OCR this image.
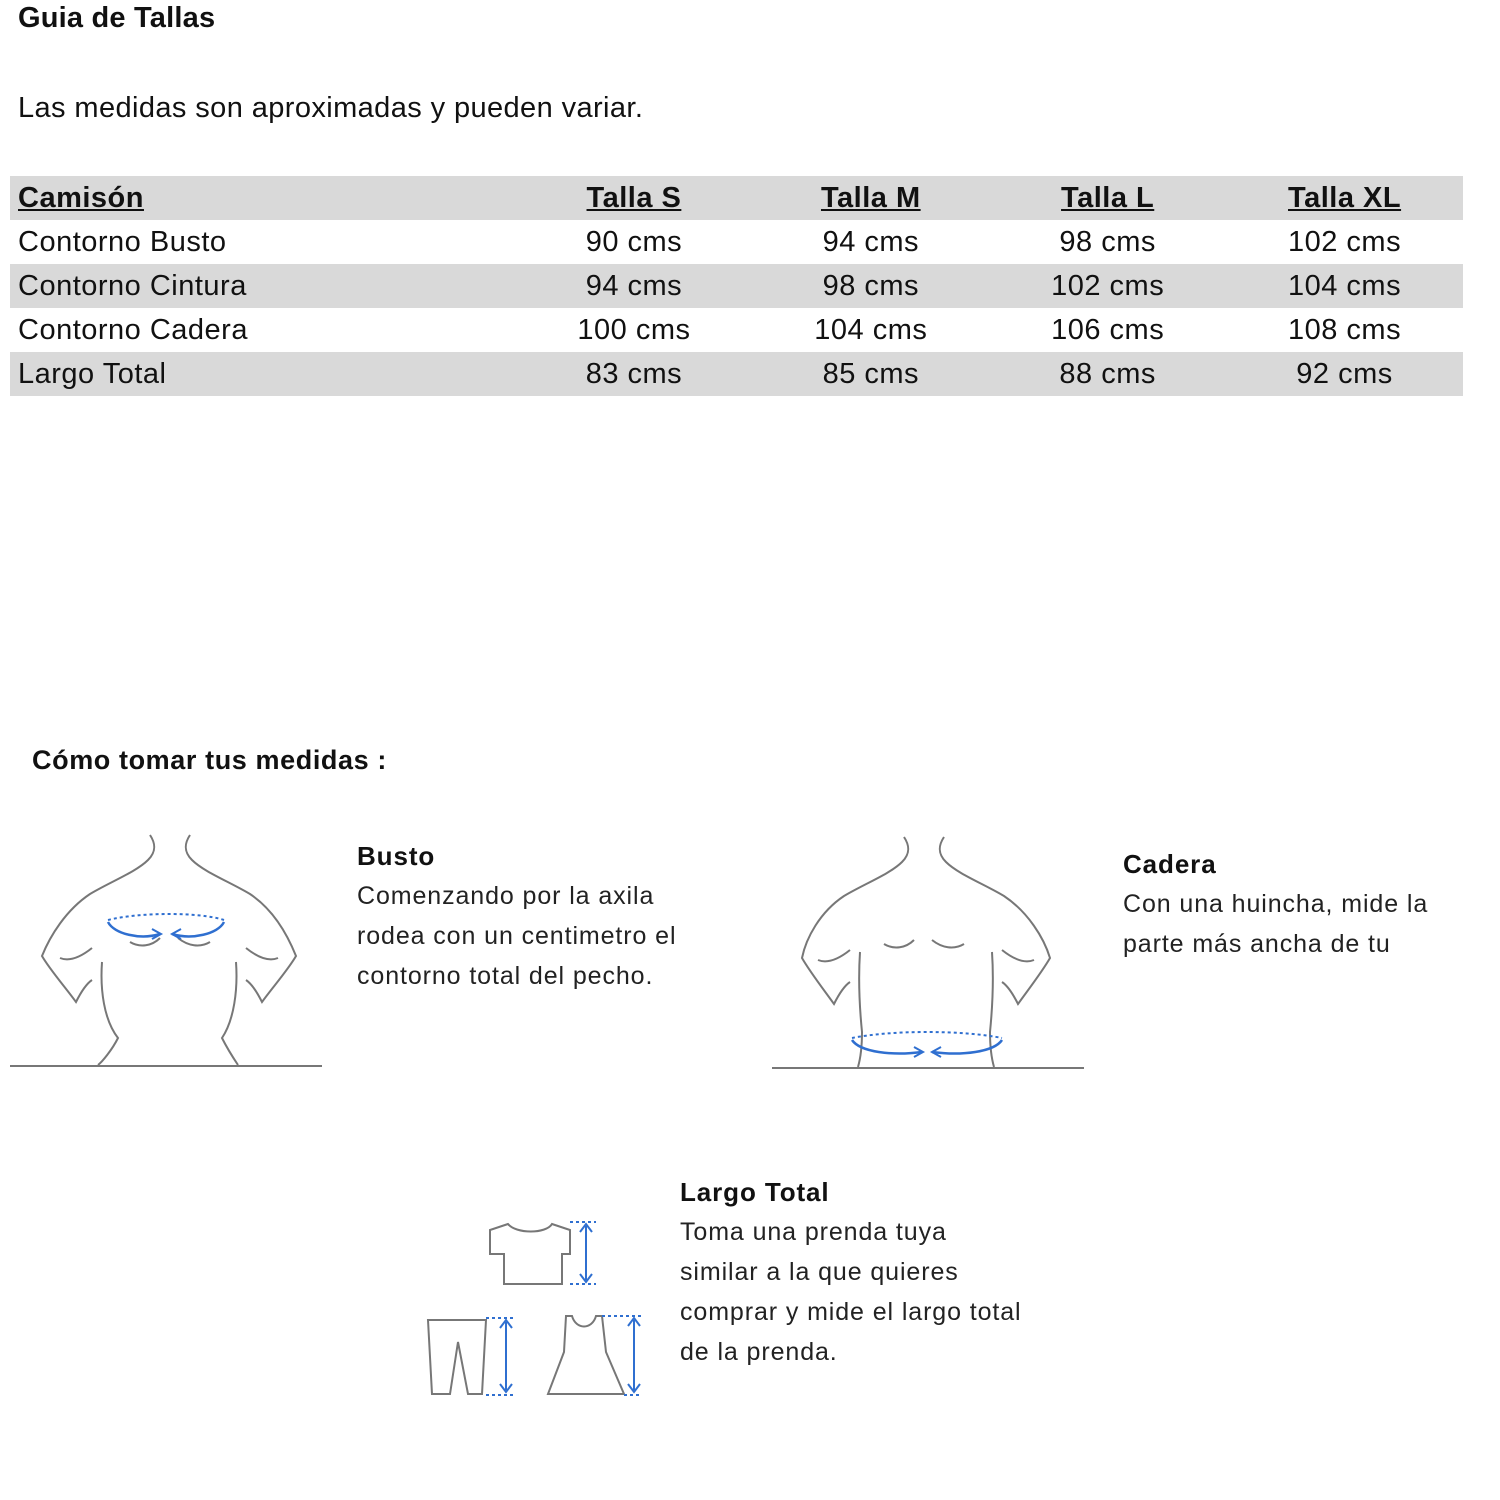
Guia de Tallas
Las medidas son aproximadas y pueden variar.
Camisón	Talla S	Talla M	Talla L	Talla XL
Contorno Busto	90 cms	94 cms	98 cms	102 cms
Contorno Cintura	94 cms	98 cms	102 cms	104 cms
Contorno Cadera	100 cms	104 cms	106 cms	108 cms
Largo Total	83 cms	85 cms	88 cms	92 cms
Cómo tomar tus medidas :
Busto
Comenzando por la axila
rodea con un centimetro el
contorno total del pecho.
Cadera
Con una huincha, mide la
parte más ancha de tu
Largo Total
Toma una prenda tuya
similar a la que quieres
comprar y mide el largo total
de la prenda.
